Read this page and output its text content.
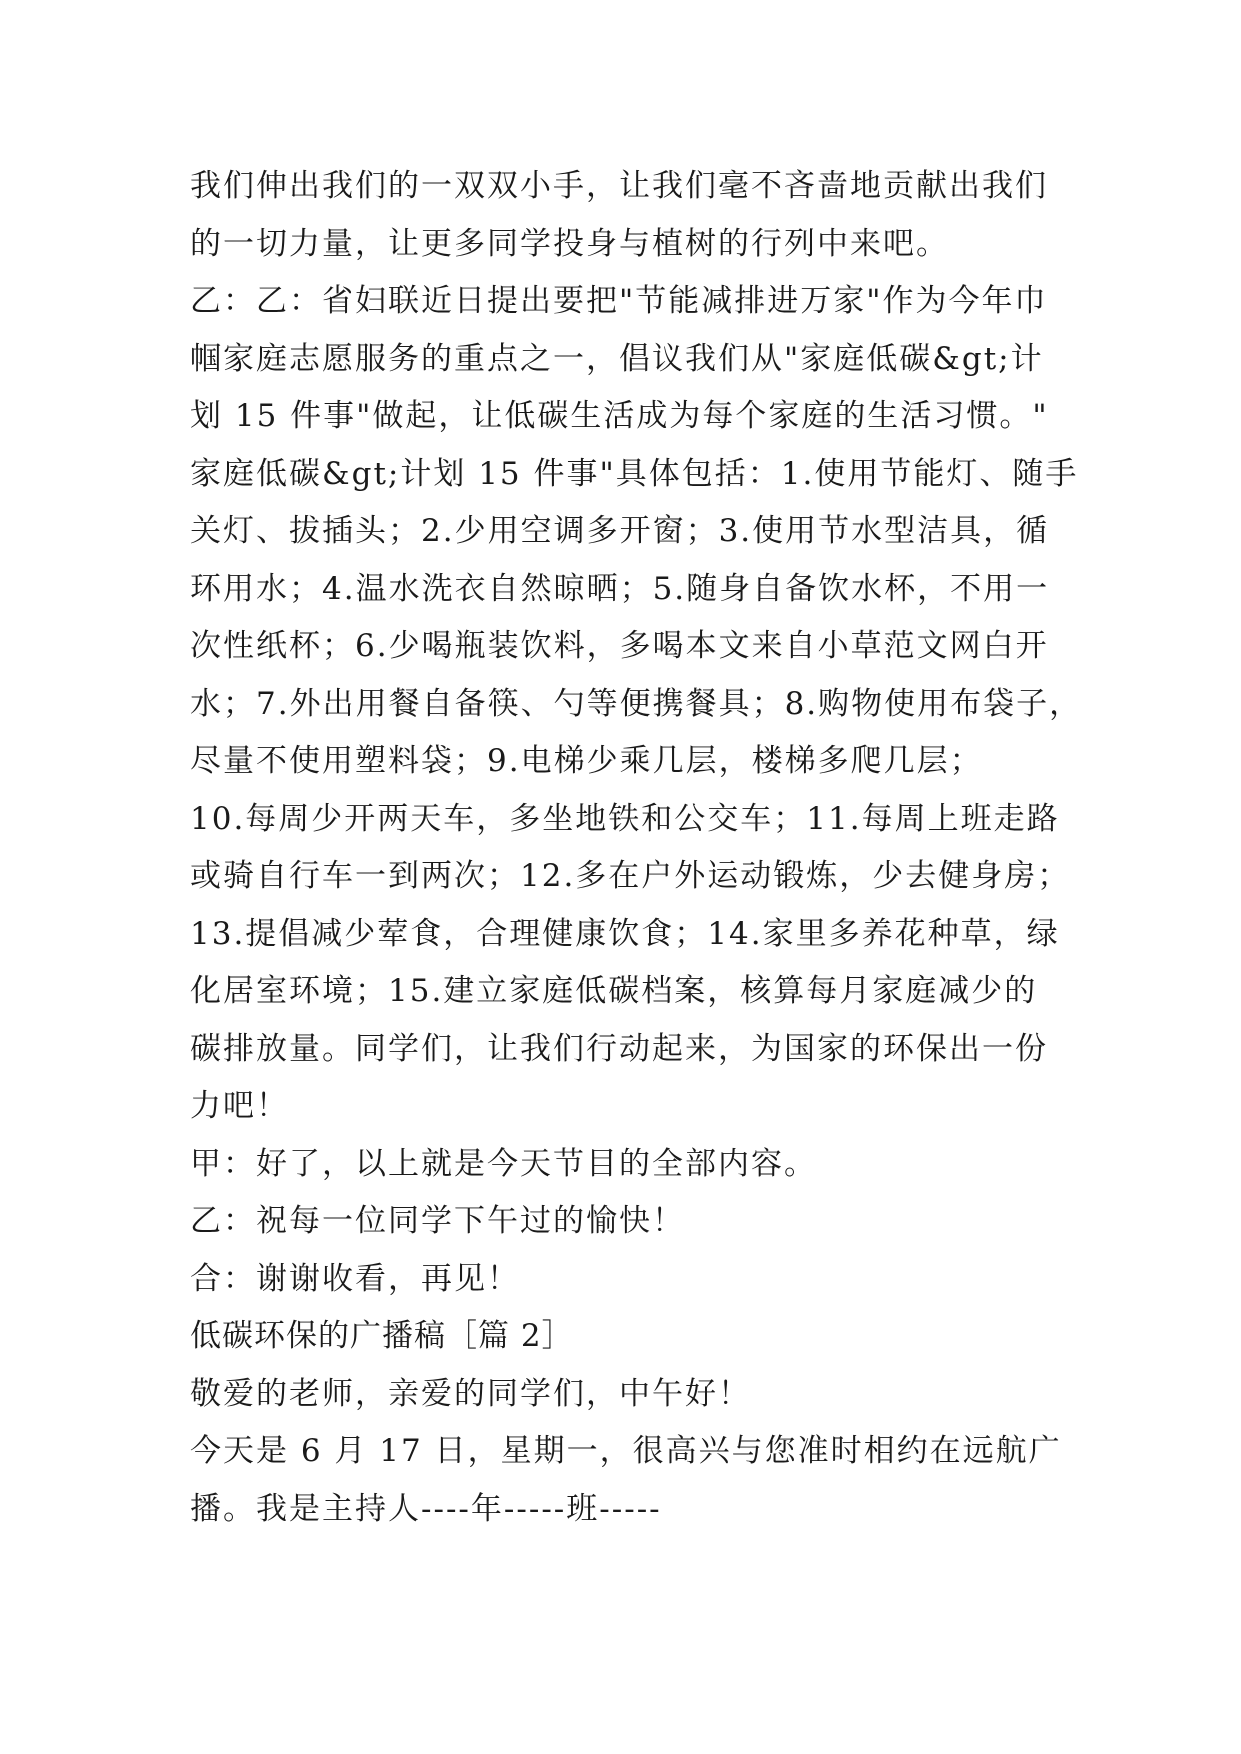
我们伸出我们的一双双小手，让我们毫不吝啬地贡献出我们
的一切力量，让更多同学投身与植树的行列中来吧。
乙：乙：省妇联近日提出要把"节能减排进万家"作为今年巾
帼家庭志愿服务的重点之一，倡议我们从"家庭低碳&gt;计
划 15 件事"做起，让低碳生活成为每个家庭的生活习惯。"
家庭低碳&gt;计划 15 件事"具体包括：1.使用节能灯、随手
关灯、拔插头；2.少用空调多开窗；3.使用节水型洁具，循
环用水；4.温水洗衣自然晾晒；5.随身自备饮水杯，不用一
次性纸杯；6.少喝瓶装饮料，多喝本文来自小草范文网白开
水；7.外出用餐自备筷、勺等便携餐具；8.购物使用布袋子，
尽量不使用塑料袋；9.电梯少乘几层，楼梯多爬几层；
10.每周少开两天车，多坐地铁和公交车；11.每周上班走路
或骑自行车一到两次；12.多在户外运动锻炼，少去健身房；
13.提倡减少荤食，合理健康饮食；14.家里多养花种草，绿
化居室环境；15.建立家庭低碳档案，核算每月家庭减少的
碳排放量。同学们，让我们行动起来，为国家的环保出一份
力吧！
甲：好了，以上就是今天节目的全部内容。
乙：祝每一位同学下午过的愉快！
合：谢谢收看，再见！
低碳环保的广播稿［篇 2］
敬爱的老师，亲爱的同学们，中午好！
今天是 6 月 17 日，星期一，很高兴与您准时相约在远航广
播。我是主持人----年-----班-----
